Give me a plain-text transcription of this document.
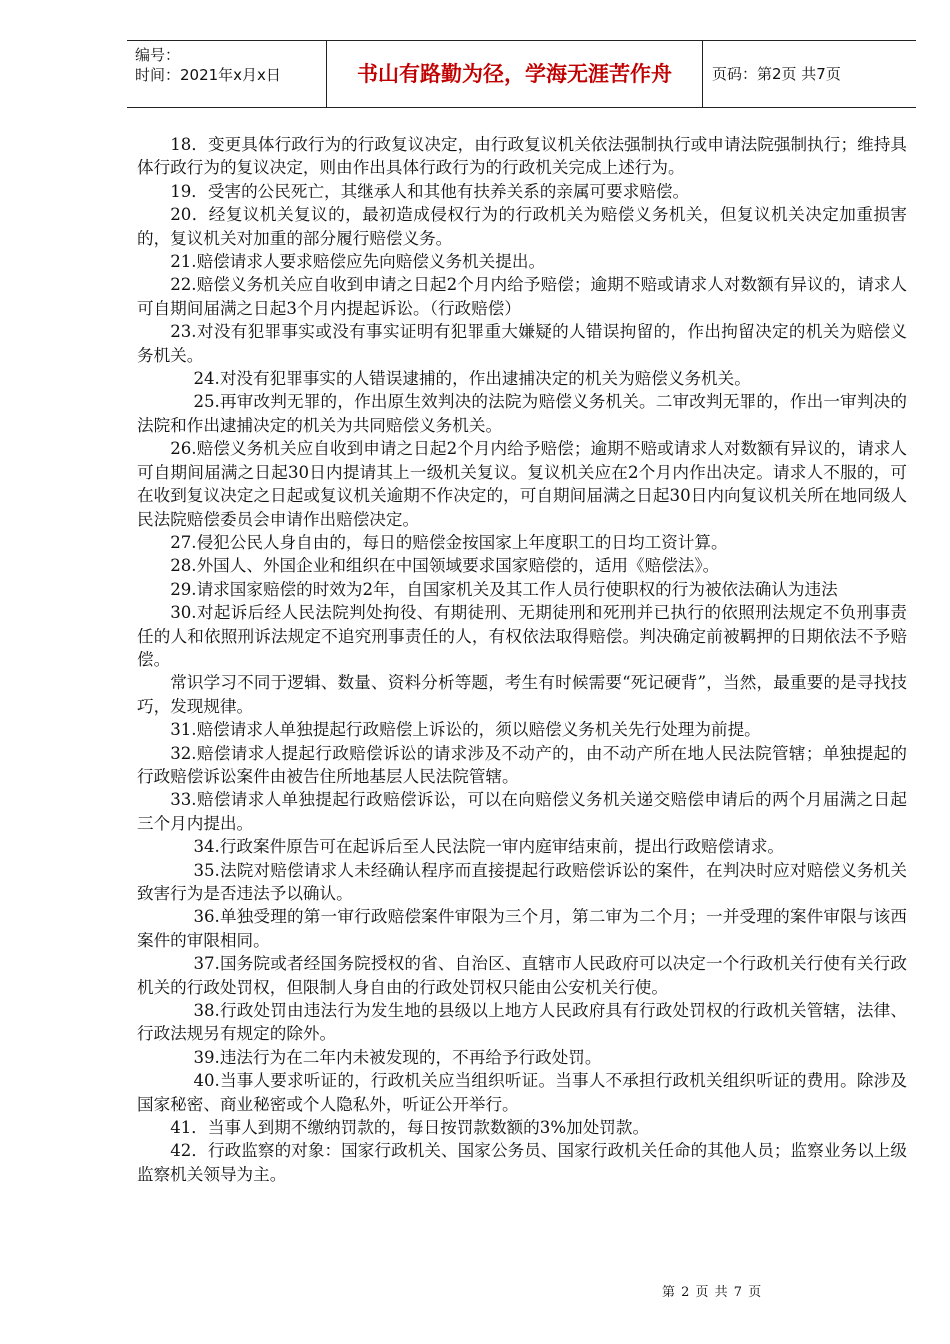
编号：
时间：2021年x月x日	书山有路勤为径，学海无涯苦作舟	页码：第2页 共7页

18．变更具体行政行为的行政复议决定，由行政复议机关依法强制执行或申请法院强制执行；维持具体行政行为的复议决定，则由作出具体行政行为的行政机关完成上述行为。

19．受害的公民死亡，其继承人和其他有扶养关系的亲属可要求赔偿。

20．经复议机关复议的，最初造成侵权行为的行政机关为赔偿义务机关，但复议机关决定加重损害的，复议机关对加重的部分履行赔偿义务。

21.赔偿请求人要求赔偿应先向赔偿义务机关提出。

22.赔偿义务机关应自收到申请之日起2个月内给予赔偿；逾期不赔或请求人对数额有异议的，请求人可自期间届满之日起3个月内提起诉讼。（行政赔偿）

23.对没有犯罪事实或没有事实证明有犯罪重大嫌疑的人错误拘留的，作出拘留决定的机关为赔偿义务机关。

24.对没有犯罪事实的人错误逮捕的，作出逮捕决定的机关为赔偿义务机关。

25.再审改判无罪的，作出原生效判决的法院为赔偿义务机关。二审改判无罪的，作出一审判决的法院和作出逮捕决定的机关为共同赔偿义务机关。

26.赔偿义务机关应自收到申请之日起2个月内给予赔偿；逾期不赔或请求人对数额有异议的，请求人可自期间届满之日起30日内提请其上一级机关复议。复议机关应在2个月内作出决定。请求人不服的，可在收到复议决定之日起或复议机关逾期不作决定的，可自期间届满之日起30日内向复议机关所在地同级人民法院赔偿委员会申请作出赔偿决定。

27.侵犯公民人身自由的，每日的赔偿金按国家上年度职工的日均工资计算。

28.外国人、外国企业和组织在中国领域要求国家赔偿的，适用《赔偿法》。

29.请求国家赔偿的时效为2年，自国家机关及其工作人员行使职权的行为被依法确认为违法

30.对起诉后经人民法院判处拘役、有期徒刑、无期徒刑和死刑并已执行的依照刑法规定不负刑事责任的人和依照刑诉法规定不追究刑事责任的人，有权依法取得赔偿。判决确定前被羁押的日期依法不予赔偿。

常识学习不同于逻辑、数量、资料分析等题，考生有时候需要“死记硬背”，当然，最重要的是寻找技巧，发现规律。

31.赔偿请求人单独提起行政赔偿上诉讼的，须以赔偿义务机关先行处理为前提。

32.赔偿请求人提起行政赔偿诉讼的请求涉及不动产的，由不动产所在地人民法院管辖；单独提起的行政赔偿诉讼案件由被告住所地基层人民法院管辖。

33.赔偿请求人单独提起行政赔偿诉讼，可以在向赔偿义务机关递交赔偿申请后的两个月届满之日起三个月内提出。

34.行政案件原告可在起诉后至人民法院一审内庭审结束前，提出行政赔偿请求。

35.法院对赔偿请求人未经确认程序而直接提起行政赔偿诉讼的案件，在判决时应对赔偿义务机关致害行为是否违法予以确认。

36.单独受理的第一审行政赔偿案件审限为三个月，第二审为二个月；一并受理的案件审限与该西案件的审限相同。

37.国务院或者经国务院授权的省、自治区、直辖市人民政府可以决定一个行政机关行使有关行政机关的行政处罚权，但限制人身自由的行政处罚权只能由公安机关行使。

38.行政处罚由违法行为发生地的县级以上地方人民政府具有行政处罚权的行政机关管辖，法律、行政法规另有规定的除外。

39.违法行为在二年内未被发现的，不再给予行政处罚。

40.当事人要求听证的，行政机关应当组织听证。当事人不承担行政机关组织听证的费用。除涉及国家秘密、商业秘密或个人隐私外，听证公开举行。

41．当事人到期不缴纳罚款的，每日按罚款数额的3%加处罚款。

42．行政监察的对象：国家行政机关、国家公务员、国家行政机关任命的其他人员；监察业务以上级监察机关领导为主。

第 2 页 共 7 页
